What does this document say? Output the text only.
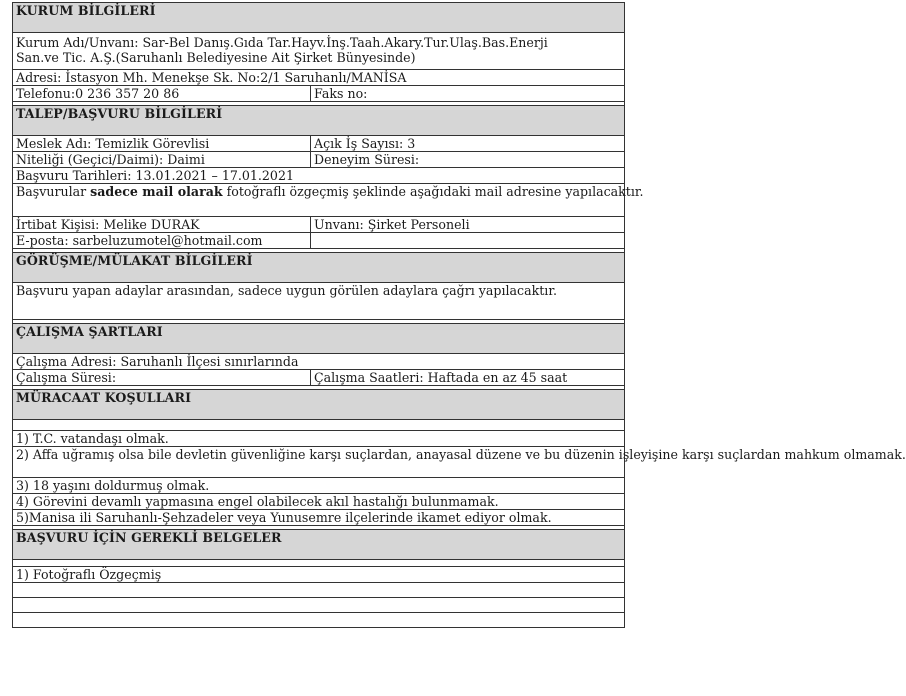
KURUM BİLGİLERİ	

Kurum Adı/Unvanı: Sar-Bel Danış.Gıda Tar.Hayv.İnş.Taah.Akary.Tur.Ulaş.Bas.Enerji
San.ve Tic. A.Ş.(Saruhanlı Belediyesine Ait Şirket Bünyesinde)	

Adresi: İstasyon Mh. Menekşe Sk. No:2/1 Saruhanlı/MANİSA	
Telefonu:0 236 357 20 86	Faks no:

TALEP/BAŞVURU BİLGİLERİ	
Meslek Adı: Temizlik Görevlisi	Açık İş Sayısı: 3
Niteliği (Geçici/Daimi): Daimi	Deneyim Süresi:
Başvuru Tarihleri: 13.01.2021 – 17.01.2021	
Başvurular sadece mail olarak fotoğraflı özgeçmiş şeklinde aşağıdaki mail adresine yapılacaktır.	
İrtibat Kişisi: Melike DURAK	Unvanı: Şirket Personeli
E-posta: sarbeluzumotel@hotmail.com	

GÖRÜŞME/MÜLAKAT BİLGİLERİ	
Başvuru yapan adaylar arasından, sadece uygun görülen adaylara çağrı yapılacaktır.	

ÇALIŞMA ŞARTLARI	
Çalışma Adresi: Saruhanlı İlçesi sınırlarında	
Çalışma Süresi:	Çalışma Saatleri: Haftada en az 45 saat

MÜRACAAT KOŞULLARI	

1) T.C. vatandaşı olmak.	
2) Affa uğramış olsa bile devletin güvenliğine karşı suçlardan, anayasal düzene ve bu düzenin işleyişine karşı suçlardan mahkum olmamak.	
3) 18 yaşını doldurmuş olmak.	
4) Görevini devamlı yapmasına engel olabilecek akıl hastalığı bulunmamak.	
5)Manisa ili Saruhanlı-Şehzadeler veya Yunusemre ilçelerinde ikamet ediyor olmak.	

BAŞVURU İÇİN GEREKLİ BELGELER	

1) Fotoğraflı Özgeçmiş	
